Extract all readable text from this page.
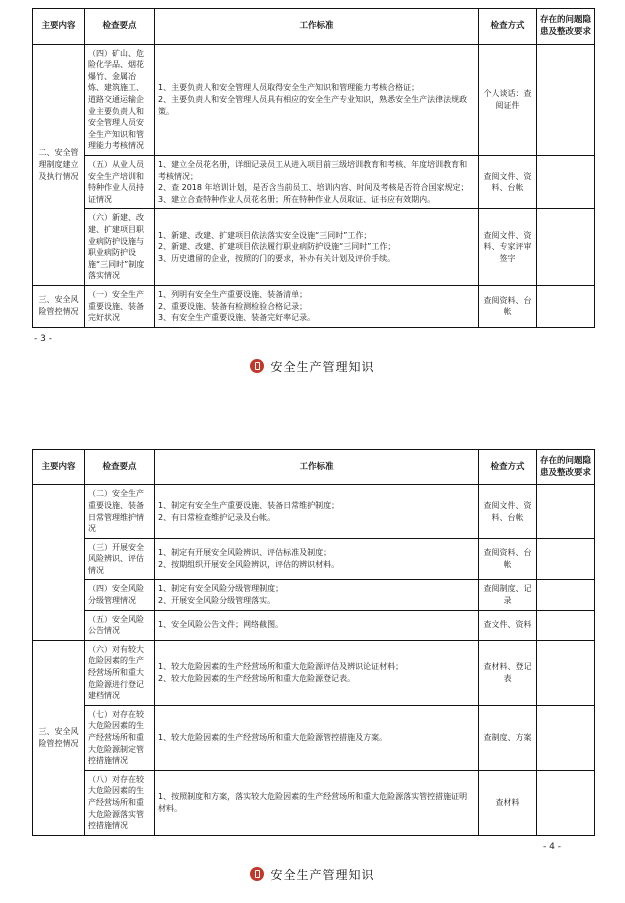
主要内容	检查要点	工作标准	检查方式	存在的问题隐患及整改要求

二、安全管理制度建立及执行情况	（四）矿山、危险化学品、烟花爆竹、金属冶炼、建筑施工、道路交通运输企业主要负责人和安全管理人员安全生产知识和管理能力考核情况	1、主要负责人和安全管理人员取得安全生产知识和管理能力考核合格证；
2、主要负责人和安全管理人员具有相应的安全生产专业知识，熟悉安全生产法律法规政策。	个人谈话：查阅证件	
	（五）从业人员安全生产培训和特种作业人员持证情况	1、建立全员花名册，详细记录员工从进入项目前三级培训教育和考核、年度培训教育和考核情况；
2、查 2018 年培训计划，是否含当前员工、培训内容、时间及考核是否符合国家规定；
3、建立合查特种作业人员花名册；所在特种作业人员取证、证书应有效期内。	查阅文件、资料、台帐	
	（六）新建、改建、扩建项目职业病防护设施与职业病防护设施“三同时”制度落实情况	1、新建、改建、扩建项目依法落实安全设施“三同时”工作；
2、新建、改建、扩建项目依法履行职业病防护设施“三同时”工作；
3、历史遗留的企业，按照的门的要求，补办有关计划及评价手续。	查阅文件、资料、专家评审签字	

三、安全风险管控情况	（一）安全生产重要设施、装备完好状况	1、列明有安全生产重要设施、装备清单；
2、重要设施、装备有检测检验合格记录；
3、有安全生产重要设施、装备完好率记录。	查阅资料、台帐	
- 3 -
安全生产管理知识
主要内容	检查要点	工作标准	检查方式	存在的问题隐患及整改要求

	（二）安全生产重要设施、装备日常管理维护情况	1、制定有安全生产重要设施、装备日常维护制度；
2、有日常检查维护记录及台帐。	查阅文件、资料、台帐	
	（三）开展安全风险辨识、评估情况	1、制定有开展安全风险辨识、评估标准及制度；
2、按期组织开展安全风险辨识，评估的辨识材料。	查阅资料、台帐	
	（四）安全风险分级管理情况	1、制定有安全风险分级管理制度；
2、开展安全风险分级管理落实。	查阅制度、记录	
	（五）安全风险公告情况	1、安全风险公告文件；网络截图。	查文件、资料	

三、安全风险管控情况	（六）对有较大危险因素的生产经营场所和重大危险源进行登记建档情况	1、较大危险因素的生产经营场所和重大危险源评估及辨识论证材料；
2、较大危险因素的生产经营场所和重大危险源登记表。	查材料、登记表	
	（七）对存在较大危险因素的生产经营场所和重大危险源制定管控措施情况	1、较大危险因素的生产经营场所和重大危险源管控措施及方案。	查制度、方案	
	（八）对存在较大危险因素的生产经营场所和重大危险源落实管控措施情况	1、按照制度和方案，落实较大危险因素的生产经营场所和重大危险源落实管控措施证明材料。	查材料	
- 4 -
安全生产管理知识
